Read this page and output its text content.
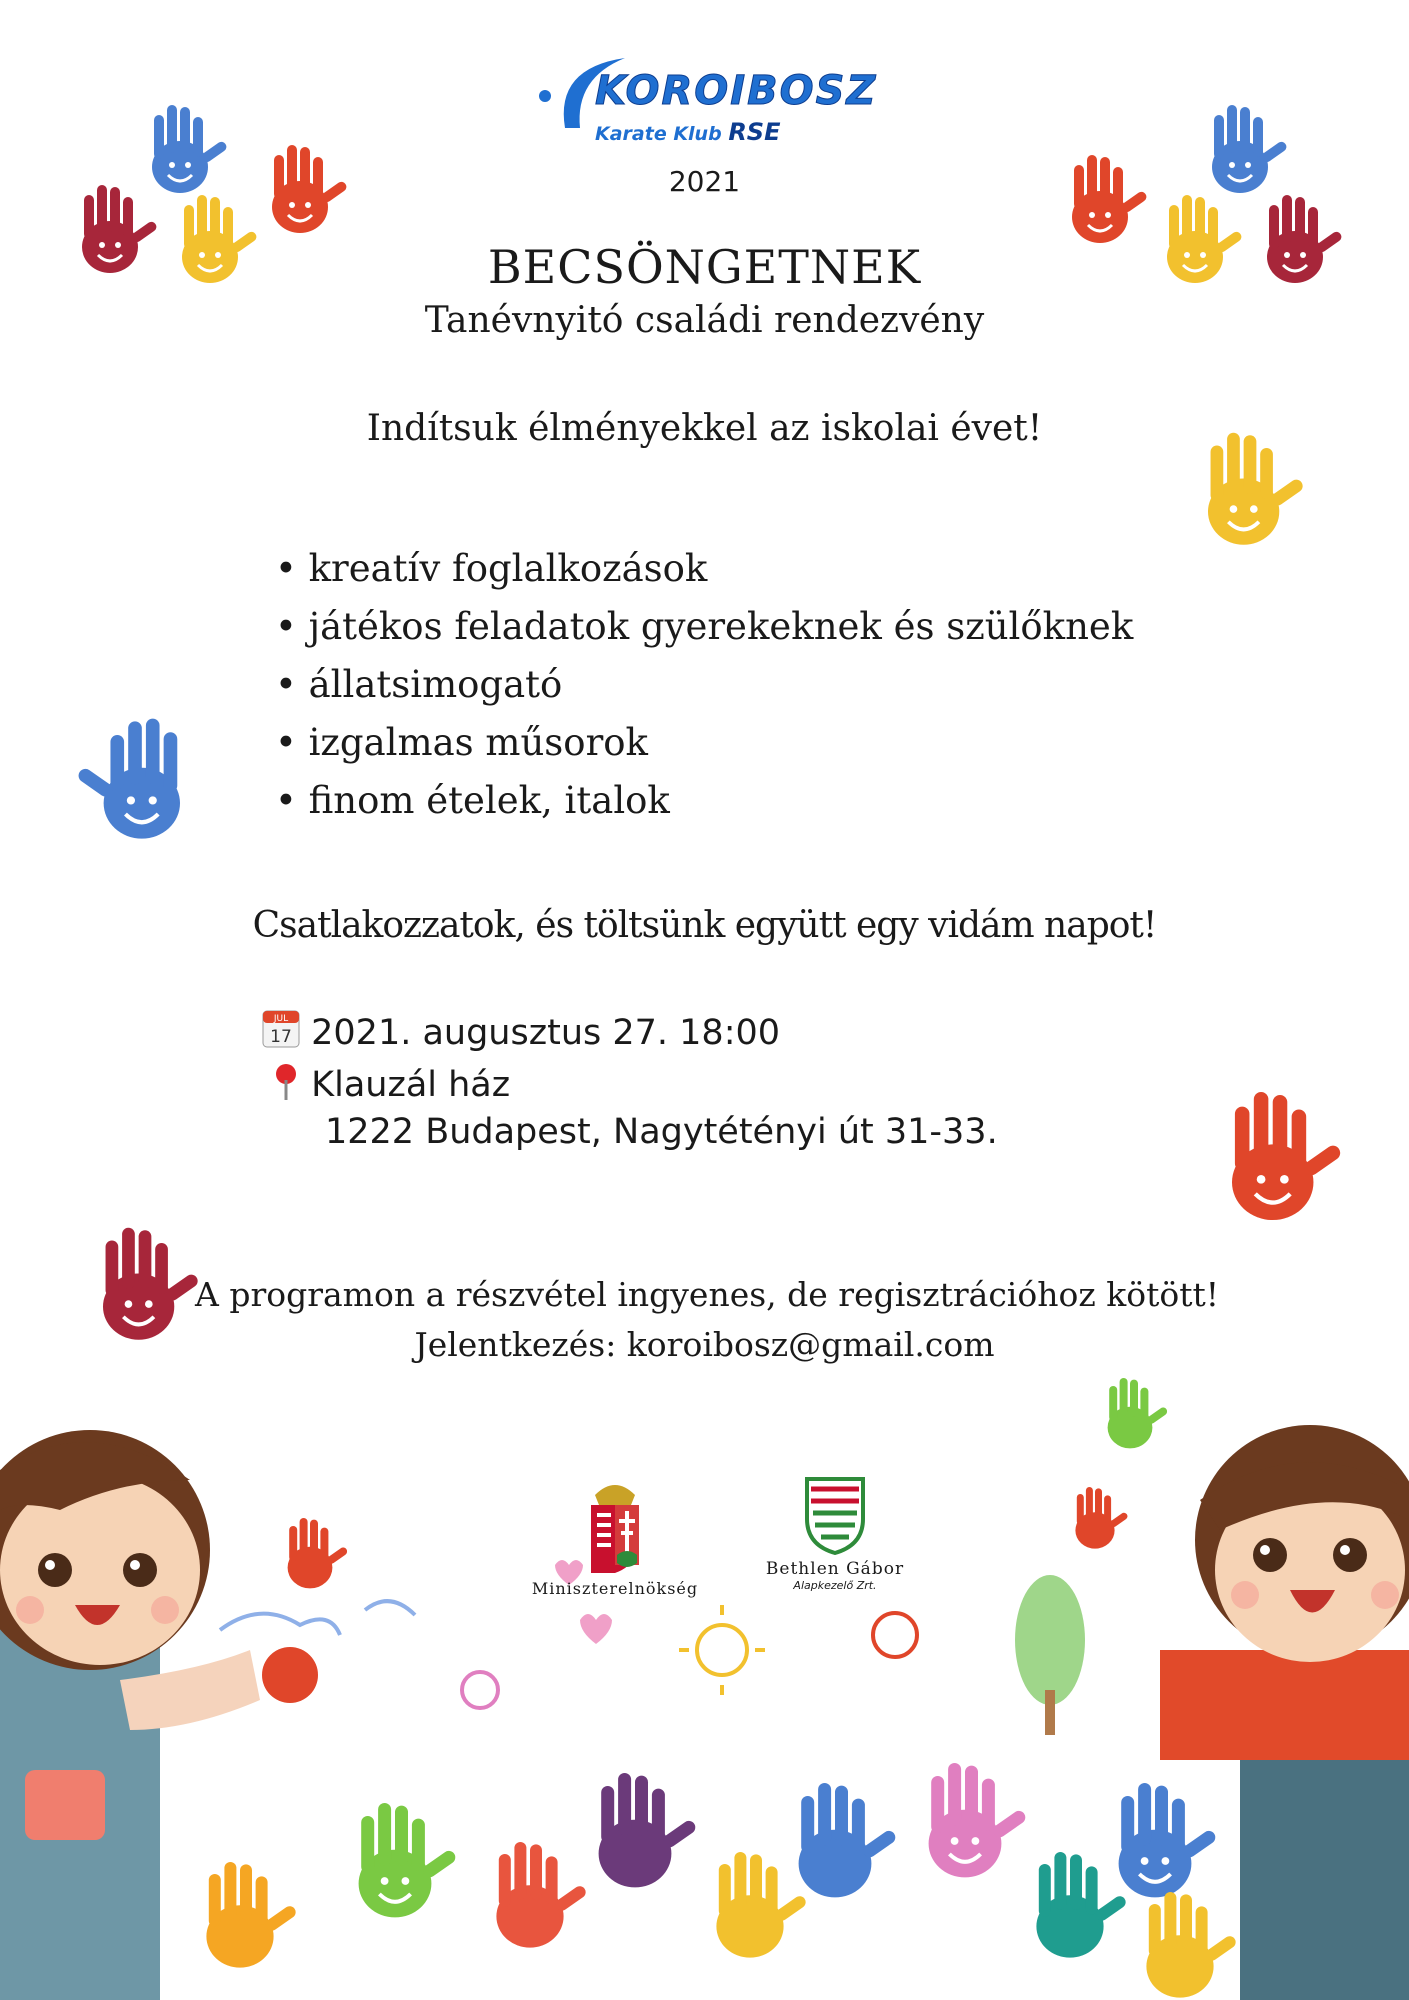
KOROIBOSZ
Karate Klub RSE
2021
BECSÖNGETNEK
Tanévnyitó családi rendezvény
Indítsuk élményekkel az iskolai évet!
• kreatív foglalkozások
• játékos feladatok gyerekeknek és szülőknek
• állatsimogató
• izgalmas műsorok
• finom ételek, italok
Csatlakozzatok, és töltsünk együtt egy vidám napot!
JUL
17 2021. augusztus 27. 18:00
Klauzál ház
1222 Budapest, Nagytétényi út 31-33.
A programon a részvétel ingyenes, de regisztrációhoz kötött!
Jelentkezés: koroibosz@gmail.com
Miniszterelnökség
Bethlen Gábor
Alapkezelő Zrt.
